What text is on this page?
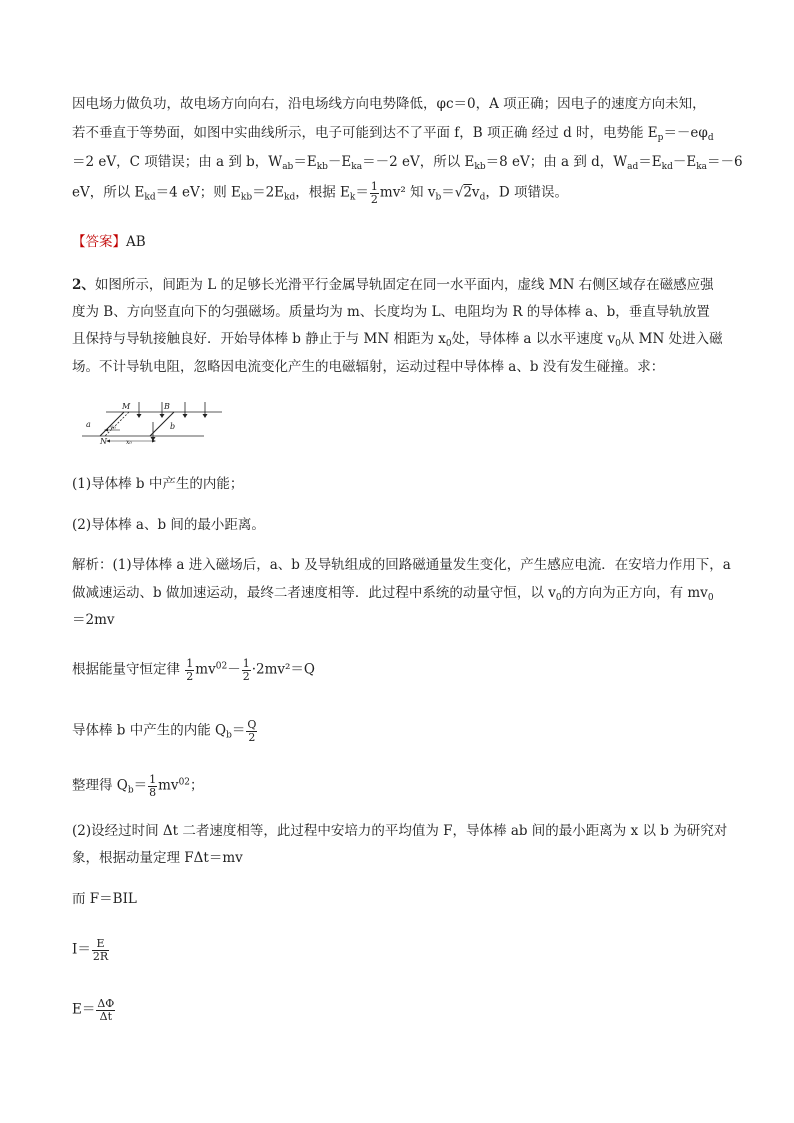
因电场力做负功，故电场方向向右，沿电场线方向电势降低，φc＝0，A 项正确；因电子的速度方向未知，
若不垂直于等势面，如图中实曲线所示，电子可能到达不了平面 f，B 项正确 经过 d 时，电势能 $E_p=-e\varphi_d$
＝2 eV，C 项错误；由 a 到 b，$W_{ab}=E_{kb}-E_{ka}=-2$ eV，所以 $E_{kb}=8$ eV；由 a 到 d，$W_{ad}=E_{kd}-E_{ka}=-6$
eV，所以 $E_{kd}=4$ eV；则 $E_{kb}=2E_{kd}$，根据 $E_k= \frac{1}{2} mv^2$ 知 $v_b=√2v_d$，D 项错误。
【答案】AB
2、如图所示，间距为 L 的足够长光滑平行金属导轨固定在同一水平面内，虚线 MN 右侧区域存在磁感应强
度为 B、方向竖直向下的匀强磁场。质量均为 m、长度均为 L、电阻均为 R 的导体棒 a、b，垂直导轨放置
且保持与导轨接触良好．开始导体棒 b 静止于与 MN 相距为 $x_0$处，导体棒 a 以水平速度 $v_0$从 MN 处进入磁
场。不计导轨电阻，忽略因电流变化产生的电磁辐射，运动过程中导体棒 a、b 没有发生碰撞。求：
M	B
a	b
N
v₀
x₀
(1)导体棒 b 中产生的内能；
(2)导体棒 a、b 间的最小距离。
解析：(1)导体棒 a 进入磁场后，a、b 及导轨组成的回路磁通量发生变化，产生感应电流．在安培力作用下，a
做减速运动、b 做加速运动，最终二者速度相等．此过程中系统的动量守恒，以 $v_0$的方向为正方向，有 $mv_0$
＝2mv
根据能量守恒定律 $\frac{1}{2} mv^{02}- \frac{1}{2} \cdot 2mv^2=Q$
导体棒 b 中产生的内能 $Q_b= \frac{Q}{2}$
整理得 $Q_b= \frac{1}{8} mv^{02}$；
(2)设经过时间 Δt 二者速度相等，此过程中安培力的平均值为 F，导体棒 ab 间的最小距离为 x 以 b 为研究对
象，根据动量定理 FΔt＝mv
而 F＝BIL
$I= \frac{E}{2R}$
$E= \frac{\Delta\Phi}{\Delta t}$
